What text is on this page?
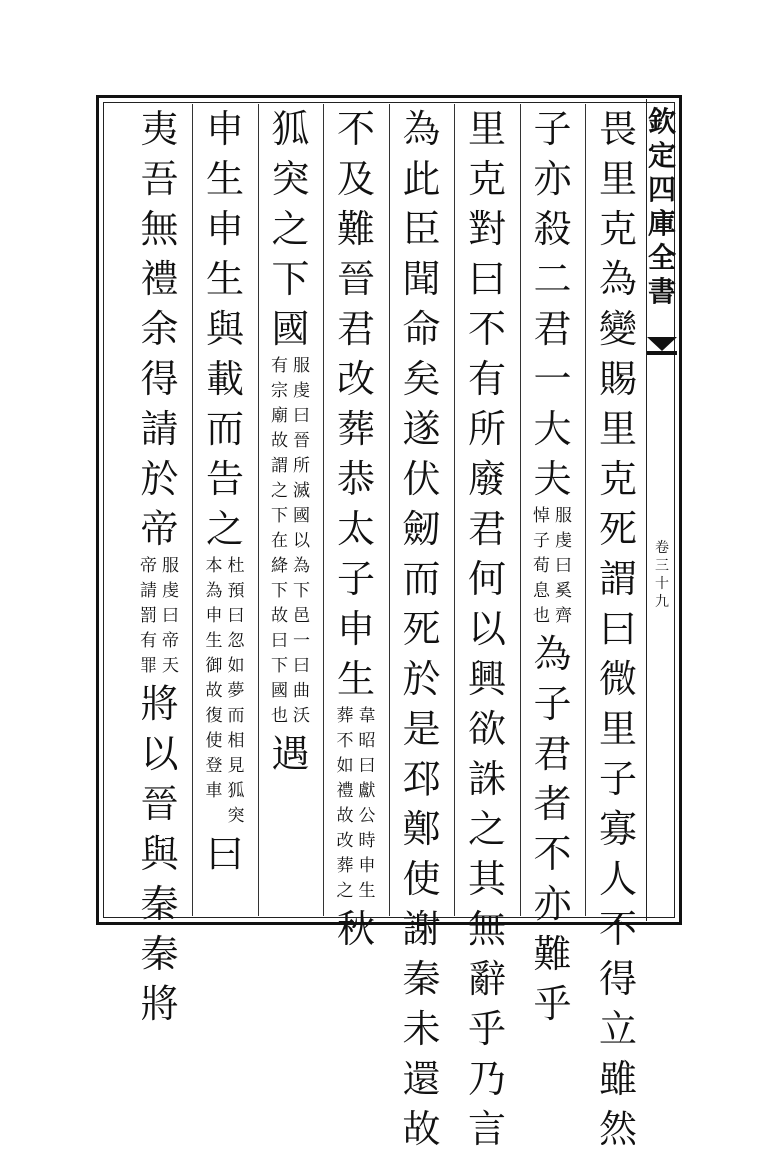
欽
定
四
庫
全
書
卷
三
十
九
畏
里
克
為
變
賜
里
克
死
謂
曰
微
里
子
寡
人
不
得
立
雖
然
子
亦
殺
二
君
一
大
夫
服
虔
曰
奚
齊
悼
子
荀
息
也
為
子
君
者
不
亦
難
乎
里
克
對
曰
不
有
所
廢
君
何
以
興
欲
誅
之
其
無
辭
乎
乃
言
為
此
臣
聞
命
矣
遂
伏
劒
而
死
於
是
邳
鄭
使
謝
秦
未
還
故
不
及
難
晉
君
改
葬
恭
太
子
申
生
韋
昭
曰
獻
公
時
申
生
葬
不
如
禮
故
改
葬
之
秋
狐
突
之
下
國
服
虔
曰
晉
所
滅
國
以
為
下
邑
一
曰
曲
沃
有
宗
廟
故
謂
之
下
在
絳
下
故
曰
下
國
也
遇
申
生
申
生
與
載
而
告
之
杜
預
曰
忽
如
夢
而
相
見
狐
突
本
為
申
生
御
故
復
使
登
車
曰
夷
吾
無
禮
余
得
請
於
帝
服
虔
曰
帝
天
帝
請
罰
有
罪
將
以
晉
與
秦
秦
將
